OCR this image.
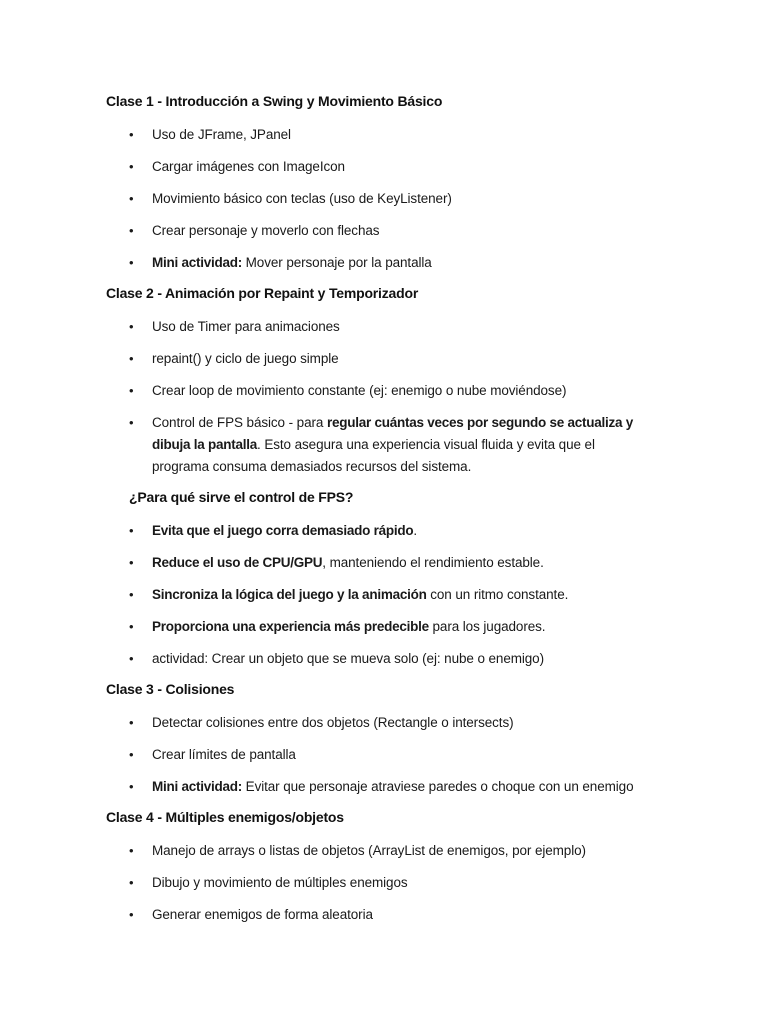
Clase 1 - Introducción a Swing y Movimiento Básico
• Uso de JFrame, JPanel
• Cargar imágenes con ImageIcon
• Movimiento básico con teclas (uso de KeyListener)
• Crear personaje y moverlo con flechas
• Mini actividad: Mover personaje por la pantalla
Clase 2 - Animación por Repaint y Temporizador
• Uso de Timer para animaciones
• repaint() y ciclo de juego simple
• Crear loop de movimiento constante (ej: enemigo o nube moviéndose)
• Control de FPS básico - para regular cuántas veces por segundo se actualiza y
dibuja la pantalla. Esto asegura una experiencia visual fluida y evita que el
programa consuma demasiados recursos del sistema.
¿Para qué sirve el control de FPS?
• Evita que el juego corra demasiado rápido.
• Reduce el uso de CPU/GPU, manteniendo el rendimiento estable.
• Sincroniza la lógica del juego y la animación con un ritmo constante.
• Proporciona una experiencia más predecible para los jugadores.
• actividad: Crear un objeto que se mueva solo (ej: nube o enemigo)
Clase 3 - Colisiones
• Detectar colisiones entre dos objetos (Rectangle o intersects)
• Crear límites de pantalla
• Mini actividad: Evitar que personaje atraviese paredes o choque con un enemigo
Clase 4 - Múltiples enemigos/objetos
• Manejo de arrays o listas de objetos (ArrayList de enemigos, por ejemplo)
• Dibujo y movimiento de múltiples enemigos
• Generar enemigos de forma aleatoria
